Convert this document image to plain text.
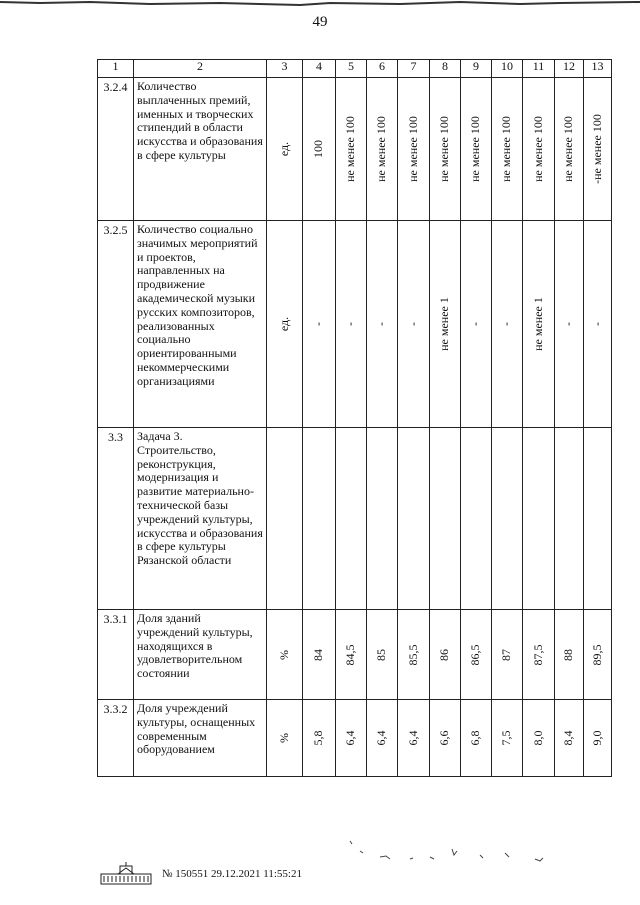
49
1	2	3	4	5	6	7	8	9	10	11	12	13
3.2.4	Количество выплаченных премий, именных и творческих стипендий в области искусства и образования в сфере культуры	ед.	100	не менее 100	не менее 100	не менее 100	не менее 100	не менее 100	не менее 100	не менее 100	не менее 100	-не менее 100

3.2.5	Количество социально значимых мероприятий и проектов, направленных на продвижение академической музыки русских композиторов, реализованных социально ориентированными некоммерческими организациями	ед.	-	-	-	-	не менее 1	-	-	не менее 1	-	-

3.3	Задача 3. Строительство, реконструкция, модернизация и развитие материально-технической базы учреждений культуры, искусства и образования в сфере культуры Рязанской области											
3.3.1	Доля зданий учреждений культуры, находящихся в удовлетворительном состоянии	%	84	84,5	85	85,5	86	86,5	87	87,5	88	89,5

3.3.2	Доля учреждений культуры, оснащенных современным оборудованием	%	5,8	6,4	6,4	6,4	6,6	6,8	7,5	8,0	8,4	9,0
№ 150551 29.12.2021 11:55:21
